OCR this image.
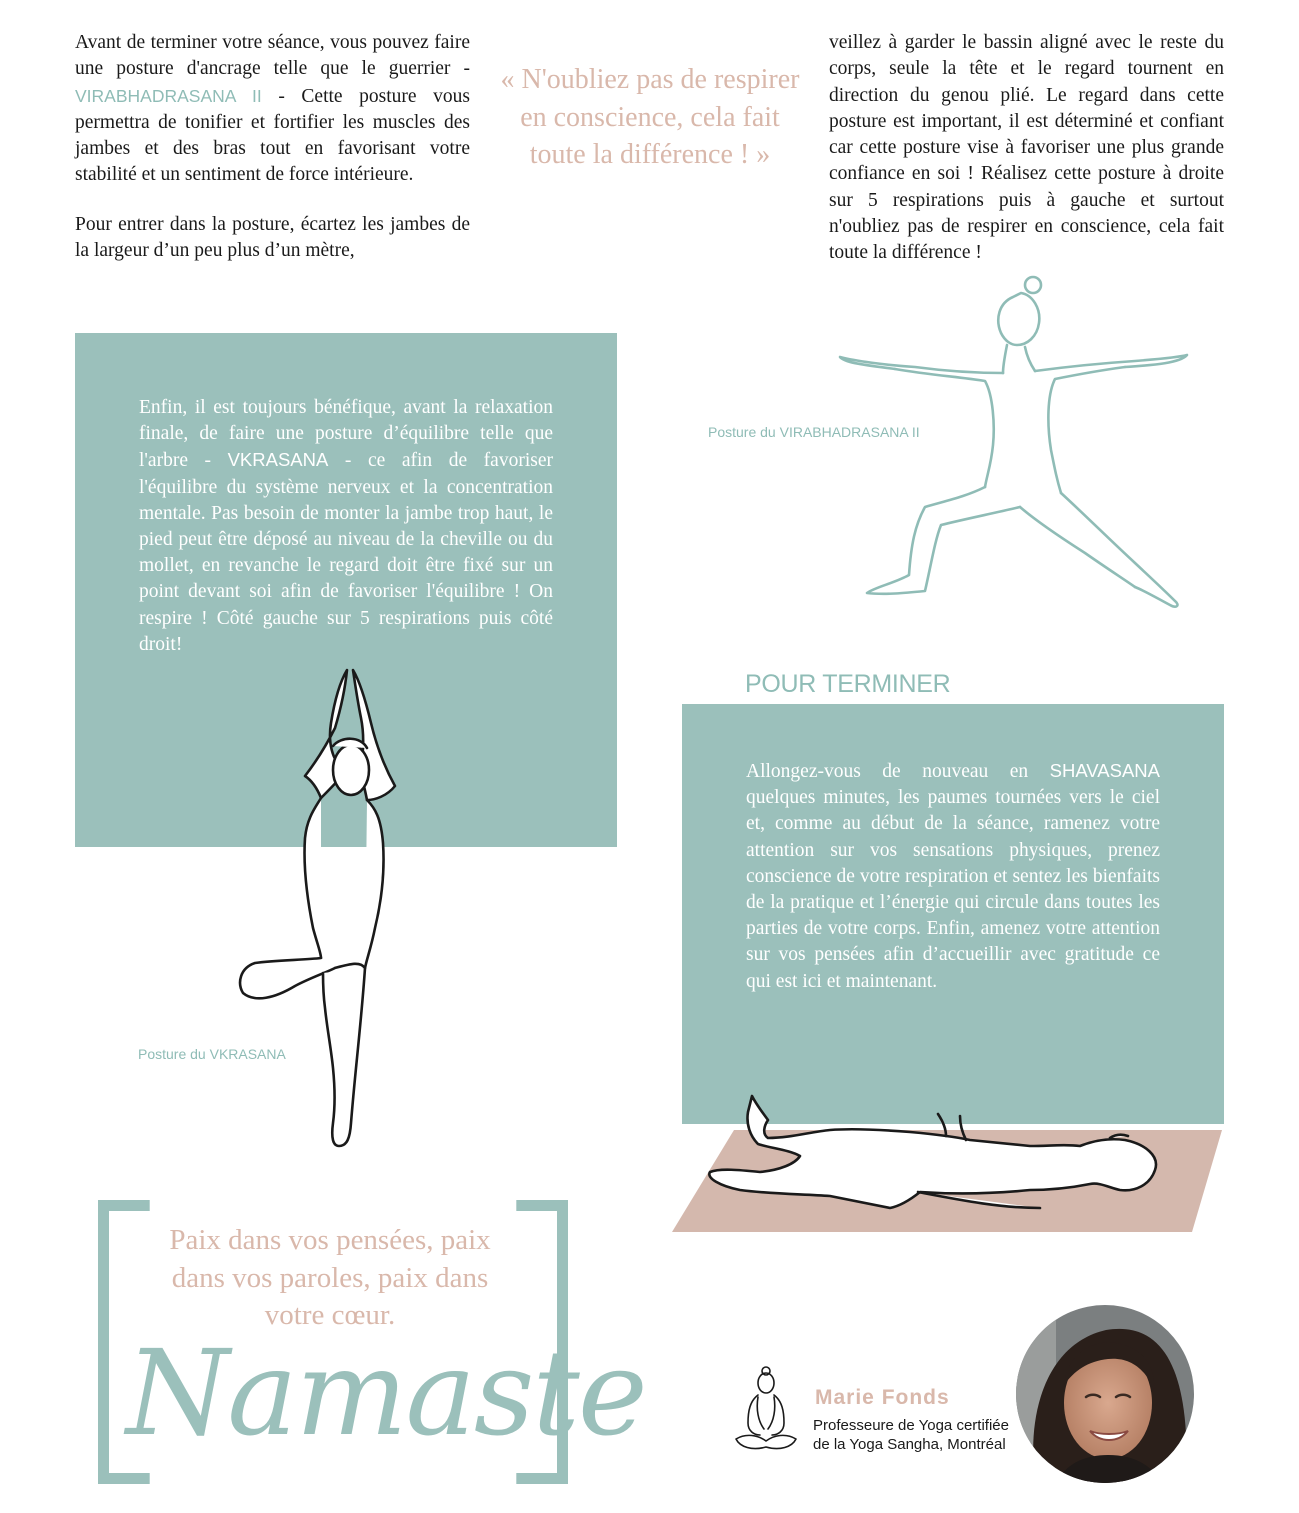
Avant de terminer votre séance, vous pouvez faire une posture d'ancrage telle que le guerrier - VIRABHADRASANA II - Cette posture vous permettra de tonifier et fortifier les muscles des jambes et des bras tout en favorisant votre stabilité et un sentiment de force intérieure.
Pour entrer dans la posture, écartez les jambes de la largeur d’un peu plus d’un mètre,
« N'oubliez pas de respirer en conscience, cela fait toute la différence ! »
veillez à garder le bassin aligné avec le reste du corps, seule la tête et le regard tournent en direction du genou plié. Le regard dans cette posture est important, il est déterminé et confiant car cette posture vise à favoriser une plus grande confiance en soi ! Réalisez cette posture à droite sur 5 respirations puis à gauche et surtout n'oubliez pas de respirer en conscience, cela fait toute la différence !
Enfin, il est toujours bénéfique, avant la relaxation finale, de faire une posture d’équilibre telle que l'arbre - VKRASANA - ce afin de favoriser l'équilibre du système nerveux et la concentration mentale. Pas besoin de monter la jambe trop haut, le pied peut être déposé au niveau de la cheville ou du mollet, en revanche le regard doit être fixé sur un point devant soi afin de favoriser l'équilibre ! On respire ! Côté gauche sur 5 respirations puis côté droit!
Posture du VIRABHADRASANA II
Posture du VKRASANA
POUR TERMINER
Allongez-vous de nouveau en SHAVASANA quelques minutes, les paumes tournées vers le ciel et, comme au début de la séance, ramenez votre attention sur vos sensations physiques, prenez conscience de votre respiration et sentez les bienfaits de la pratique et l’énergie qui circule dans toutes les parties de votre corps. Enfin, amenez votre attention sur vos pensées afin d’accueillir avec gratitude ce qui est ici et maintenant.
Paix dans vos pensées, paix dans vos paroles, paix dans votre cœur.
Namaste	Marie Fonds
Professeure de Yoga certifiée
de la Yoga Sangha, Montréal
